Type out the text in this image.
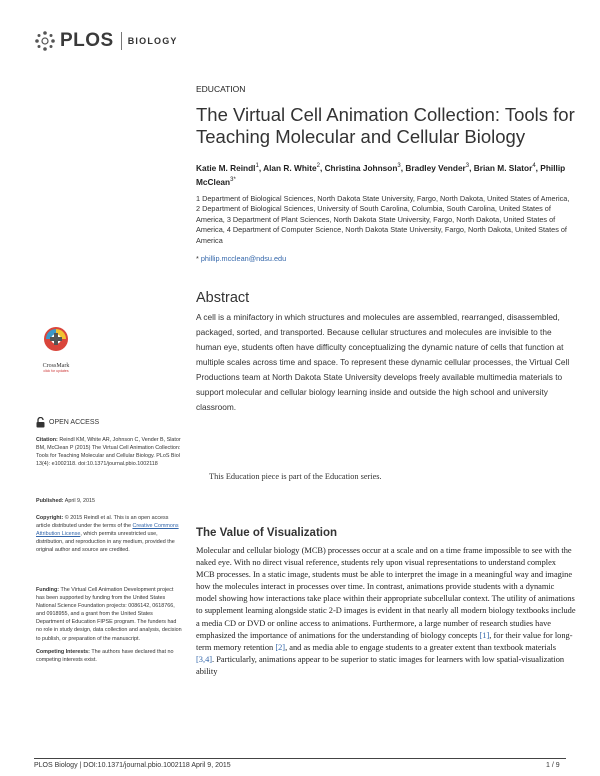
PLOS BIOLOGY
EDUCATION
The Virtual Cell Animation Collection: Tools for Teaching Molecular and Cellular Biology
Katie M. Reindl$^1$, Alan R. White$^2$, Christina Johnson$^3$, Bradley Vender$^3$, Brian M. Slator$^4$, Phillip McClean$^{3*}$
1 Department of Biological Sciences, North Dakota State University, Fargo, North Dakota, United States of America, 2 Department of Biological Sciences, University of South Carolina, Columbia, South Carolina, United States of America, 3 Department of Plant Sciences, North Dakota State University, Fargo, North Dakota, United States of America, 4 Department of Computer Science, North Dakota State University, Fargo, North Dakota, United States of America
* phillip.mcclean@ndsu.edu
Abstract
A cell is a minifactory in which structures and molecules are assembled, rearranged, disassembled, packaged, sorted, and transported. Because cellular structures and molecules are invisible to the human eye, students often have difficulty conceptualizing the dynamic nature of cells that function at multiple scales across time and space. To represent these dynamic cellular processes, the Virtual Cell Productions team at North Dakota State University develops freely available multimedia materials to support molecular and cellular biology learning inside and outside the high school and university classroom.
CrossMark
click for updates
OPEN ACCESS
Citation: Reindl KM, White AR, Johnson C, Vender B, Slator BM, McClean P (2015) The Virtual Cell Animation Collection: Tools for Teaching Molecular and Cellular Biology. PLoS Biol 13(4): e1002118. doi:10.1371/journal.pbio.1002118
Published: April 9, 2015
Copyright: © 2015 Reindl et al. This is an open access article distributed under the terms of the Creative Commons Attribution License, which permits unrestricted use, distribution, and reproduction in any medium, provided the original author and source are credited.
Funding: The Virtual Cell Animation Development project has been supported by funding from the United States National Science Foundation projects: 0086142, 0618766, and 0918955, and a grant from the United States Department of Education FIPSE program. The funders had no role in study design, data collection and analysis, decision to publish, or preparation of the manuscript.
Competing Interests: The authors have declared that no competing interests exist.
This Education piece is part of the Education series.
The Value of Visualization
Molecular and cellular biology (MCB) processes occur at a scale and on a time frame impossible to see with the naked eye. With no direct visual reference, students rely upon visual representations to understand complex MCB processes. In a static image, students must be able to interpret the image in a meaningful way and imagine how the molecules interact in processes over time. In contrast, animations provide students with a dynamic model showing how interactions take place within their appropriate subcellular context. The utility of animations to supplement learning alongside static 2-D images is evident in that nearly all modern biology textbooks include a media CD or DVD or online access to animations. Furthermore, a large number of research studies have emphasized the importance of animations for the understanding of biology concepts [1], for their value for long-term memory retention [2], and as media able to engage students to a greater extent than textbook materials [3,4]. Particularly, animations appear to be superior to static images for learners with low spatial-visualization ability
PLOS Biology | DOI:10.1371/journal.pbio.1002118 April 9, 2015	1 / 9
